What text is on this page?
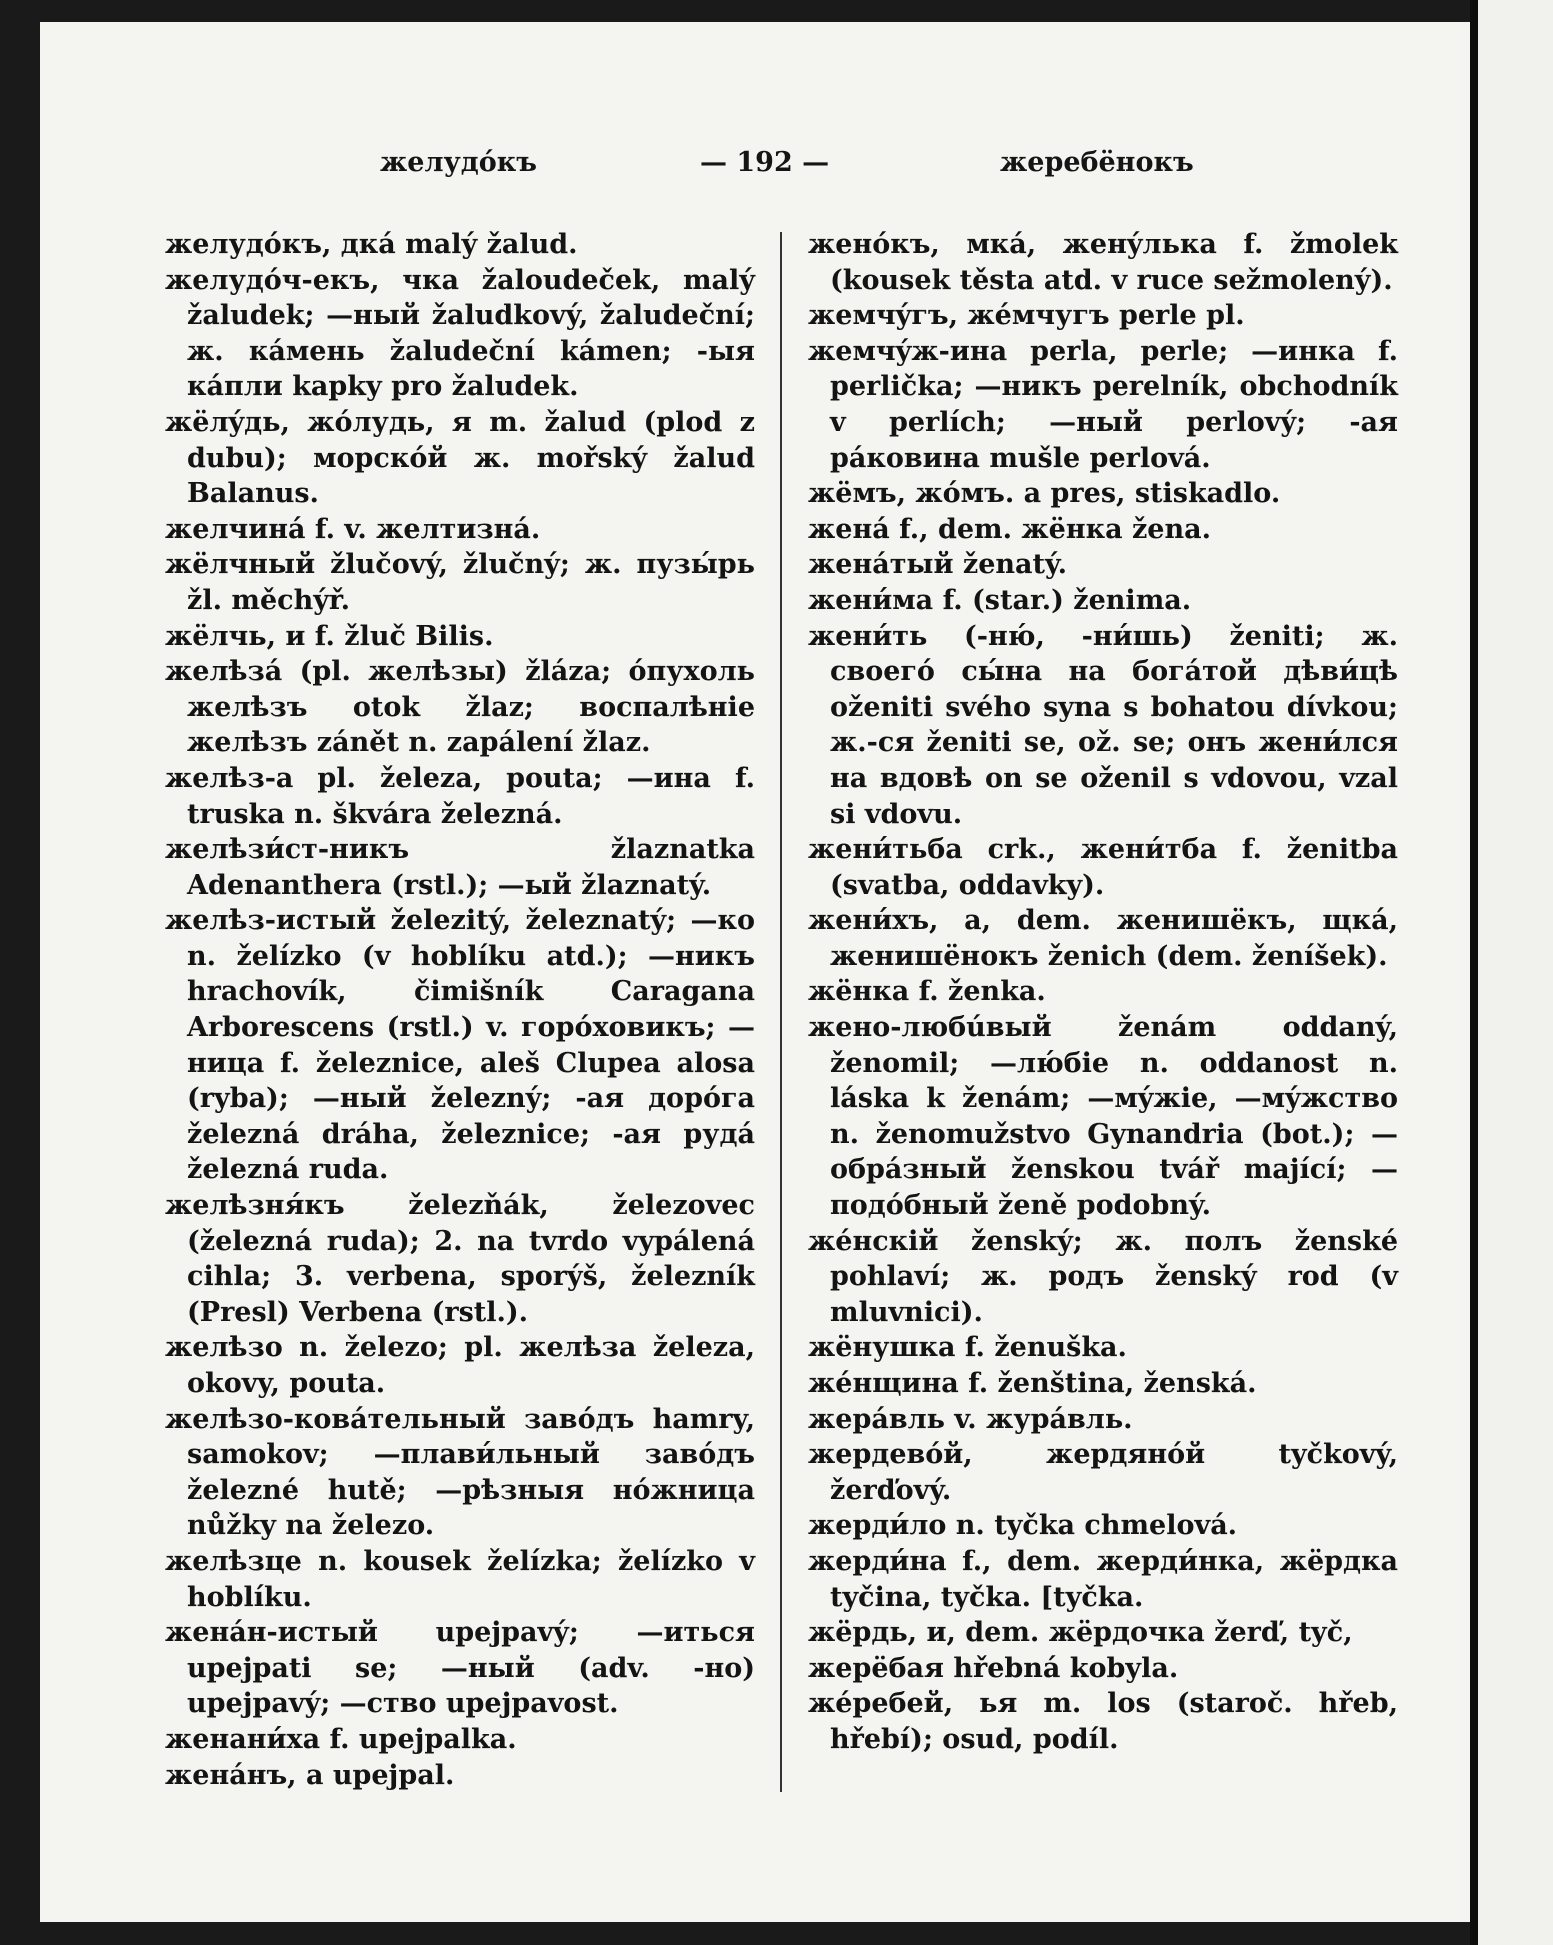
желудóкъ	— 192 —	жеребёнокъ

желудóкъ, дкá malý žalud.

желудóч-екъ, чка žaloudeček, malý žaludek; —ный žaludkový, žaludeční; ж. кáмень žaludeční kámen; -ыя кáпли kapky pro žaludek.

жёлýдь, жóлудь, я m. žalud (plod z dubu); морскóй ж. mořský žalud Balanus.

желчинá f. v. желтизнá.

жёлчный žlučový, žlučný; ж. пузы́рь žl. měchýř.

жёлчь, и f. žluč Bilis.

желѣзá (pl. желѣзы) žláza; óпухоль желѣзъ otok žlaz; воспалѣніе желѣзъ zánět n. zapálení žlaz.

желѣз-а pl. železa, pouta; —ина f. truska n. škvára železná.

желѣзи́ст-никъ žlaznatka Adenanthera (rstl.); —ый žlaznatý.

желѣз-истый železitý, železnatý; —ко n. želízko (v hoblíku atd.); —никъ hrachovík, čimišník Caragana Arborescens (rstl.) v. горóховикъ; —ница f. železnice, aleš Clupea alosa (ryba); —ный železný; -ая дорóга železná dráha, železnice; -ая рудá železná ruda.

желѣзня́къ železňák, železovec (železná ruda); 2. na tvrdo vypálená cihla; 3. verbena, sporýš, železník (Presl) Verbena (rstl.).

желѣзо n. železo; pl. желѣза železa, okovy, pouta.

желѣзо-ковáтельный завóдъ hamry, samokov; —плави́льный завóдъ železné hutě; —рѣзныя нóжница nůžky na železo.

желѣзце n. kousek želízka; želízko v hoblíku.

женáн-истый upejpavý; —иться upejpati se; —ный (adv. -но) upejpavý; —ство upejpavost.

женани́ха f. upejpalka.

женáнъ, а upejpal.

женóкъ, мкá, женýлька f. žmolek (kousek těsta atd. v ruce sežmolený).

жемчýгъ, жéмчугъ perle pl.

жемчýж-ина perla, perle; —инка f. perlička; —никъ perelník, obchodník v perlích; —ный perlový; -ая рáковина mušle perlová.

жёмъ, жóмъ. а pres, stiskadlo.

женá f., dem. жёнка žena.

женáтый ženatý.

жени́ма f. (star.) ženima.

жени́ть (-ню́, -ни́шь) ženiti; ж. своегó сы́на на богáтой дѣви́цѣ oženiti svého syna s bohatou dívkou; ж.-ся ženiti se, ož. se; онъ жени́лся на вдовѣ on se oženil s vdovou, vzal si vdovu.

жени́тьба crk., жени́тба f. ženitba (svatba, oddavky).

жени́хъ, а, dem. женишёкъ, щкá, женишёнокъ ženich (dem. ženíšek).

жёнка f. ženka.

жено-любúвый ženám oddaný, ženomil; —лю́біе n. oddanost n. láska k ženám; —мýжіе, —мýжство n. ženomužstvo Gynandria (bot.); —обрáзный ženskou tvář mající; —подóбный ženě podobný.

жéнскій ženský; ж. полъ ženské pohlaví; ж. родъ ženský rod (v mluvnici).

жёнушка f. ženuška.

жéнщина f. ženština, ženská.

жерáвль v. журáвль.

жердевóй, жердянóй tyčkový, žerďový.

жерди́ло n. tyčka chmelová.

жерди́на f., dem. жерди́нка, жёрдка tyčina, tyčka. [tyčka.

жёрдь, и, dem. жёрдочка žerď, tyč,

жерёбая hřebná kobyla.

жéребей, ья m. los (staroč. hřeb, hřebí); osud, podíl.
